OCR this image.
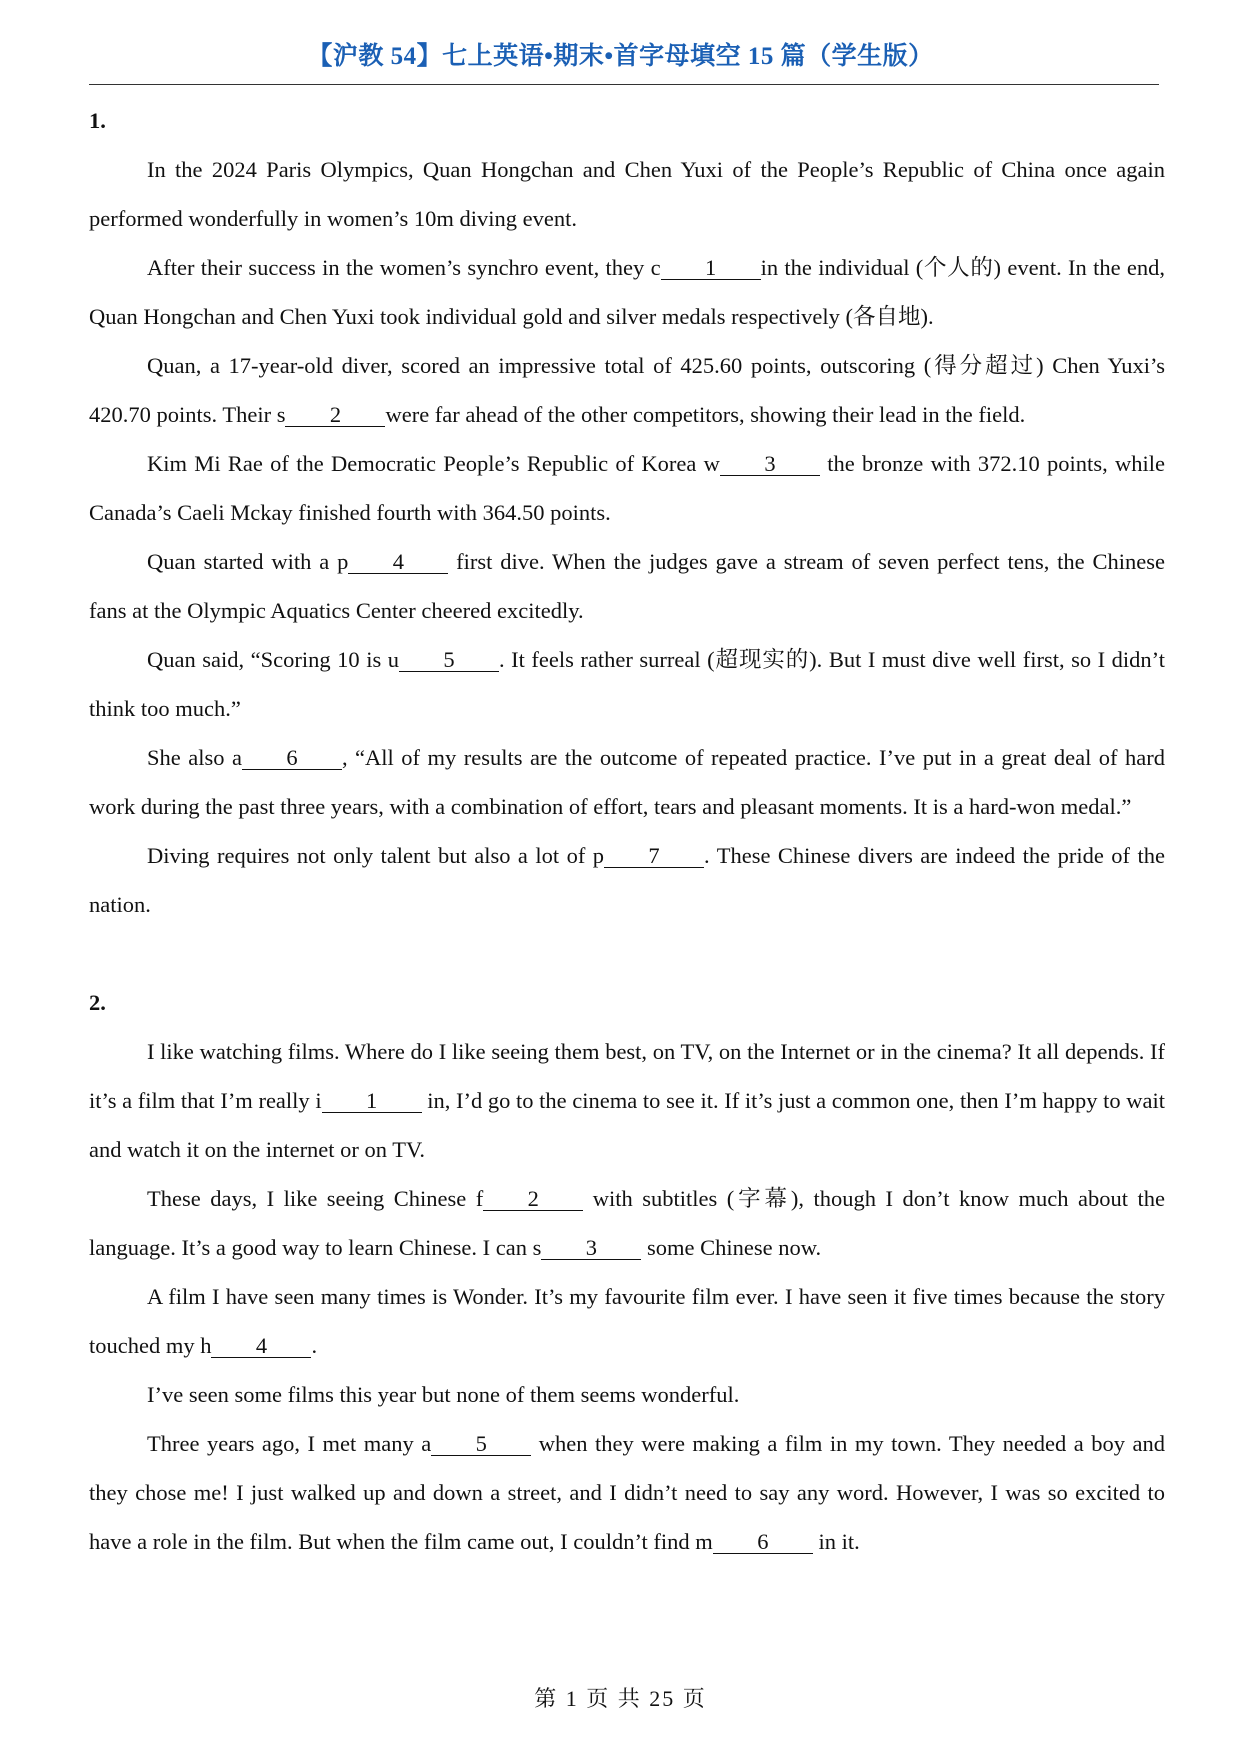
【沪教 54】七上英语•期末•首字母填空 15 篇（学生版）

1.

In the 2024 Paris Olympics, Quan Hongchan and Chen Yuxi of the People’s Republic of China once again performed wonderfully in women’s 10m diving event.

After their success in the women’s synchro event, they c 1 in the individual (个人的) event. In the end, Quan Hongchan and Chen Yuxi took individual gold and silver medals respectively (各自地).

Quan, a 17-year-old diver, scored an impressive total of 425.60 points, outscoring (得分超过) Chen Yuxi’s 420.70 points. Their s 2 were far ahead of the other competitors, showing their lead in the field.

Kim Mi Rae of the Democratic People’s Republic of Korea w 3 the bronze with 372.10 points, while Canada’s Caeli Mckay finished fourth with 364.50 points.

Quan started with a p 4 first dive. When the judges gave a stream of seven perfect tens, the Chinese fans at the Olympic Aquatics Center cheered excitedly.

Quan said, “Scoring 10 is u 5 . It feels rather surreal (超现实的). But I must dive well first, so I didn’t think too much.”

She also a 6 , “All of my results are the outcome of repeated practice. I’ve put in a great deal of hard work during the past three years, with a combination of effort, tears and pleasant moments. It is a hard-won medal.”

Diving requires not only talent but also a lot of p 7 . These Chinese divers are indeed the pride of the nation.

2.

I like watching films. Where do I like seeing them best, on TV, on the Internet or in the cinema? It all depends. If it’s a film that I’m really i 1 in, I’d go to the cinema to see it. If it’s just a common one, then I’m happy to wait and watch it on the internet or on TV.

These days, I like seeing Chinese f 2 with subtitles (字幕), though I don’t know much about the language. It’s a good way to learn Chinese. I can s 3 some Chinese now.

A film I have seen many times is Wonder. It’s my favourite film ever. I have seen it five times because the story touched my h 4 .

I’ve seen some films this year but none of them seems wonderful.

Three years ago, I met many a 5 when they were making a film in my town. They needed a boy and they chose me! I just walked up and down a street, and I didn’t need to say any word. However, I was so excited to have a role in the film. But when the film came out, I couldn’t find m 6 in it.

第 1 页 共 25 页
